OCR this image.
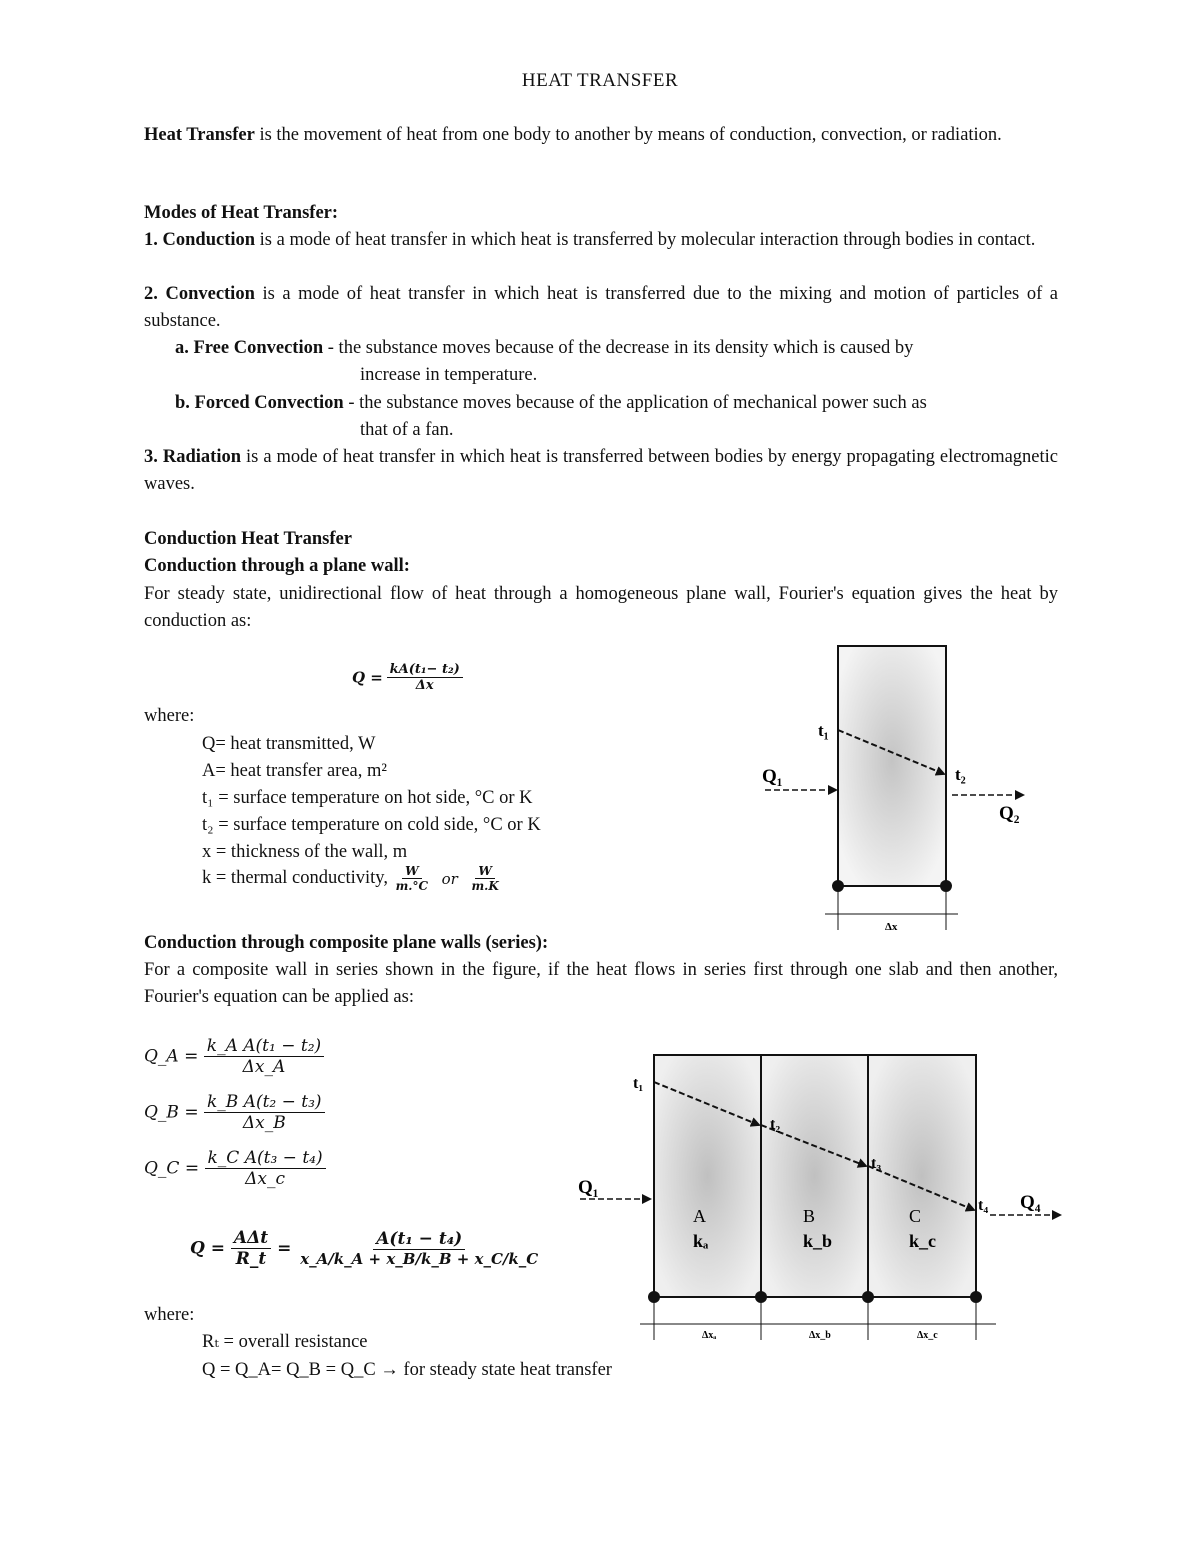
HEAT TRANSFER
Heat Transfer is the movement of heat from one body to another by means of conduction, convection, or radiation.
Modes of Heat Transfer:
1. Conduction is a mode of heat transfer in which heat is transferred by molecular interaction through bodies in contact.
2. Convection is a mode of heat transfer in which heat is transferred due to the mixing and motion of particles of a substance.
a. Free Convection - the substance moves because of the decrease in its density which is caused by
increase in temperature.
b. Forced Convection - the substance moves because of the application of mechanical power such as
that of a fan.
3. Radiation is a mode of heat transfer in which heat is transferred between bodies by energy propagating electromagnetic waves.
Conduction Heat Transfer
Conduction through a plane wall:
For steady state, unidirectional flow of heat through a homogeneous plane wall, Fourier's equation gives the heat by conduction as:
$Q = \frac{\text{kA(t₁− t₂)}}{\Delta x}$
where:
Q= heat transmitted, W
A= heat transfer area, m²
t₁ = surface temperature on hot side, °C or K
t₂ = surface temperature on cold side, °C or K
x = thickness of the wall, m
k = thermal conductivity, $\frac{W}{m.^\circ C}$ or $\frac{W}{m.K}$
t₁
t₂
Q₁
Q₂
Δx
Conduction through composite plane walls (series):
For a composite wall in series shown in the figure, if the heat flows in series first through one slab and then another, Fourier's equation can be applied as:
Q_A = $\frac{\text{k\_A A(t₁ − t₂)}}{\Delta x\_A}$
Q_B = $\frac{\text{k\_B A(t₂ − t₃)}}{\Delta x\_B}$
Q_C = $\frac{\text{k\_C A(t₃ − t₄)}}{\Delta x\_c}$
$Q = \frac{\text{AΔt}}{R\_t} = \frac{\text{A(t₁ − t₄)}}{x\_A/k\_A + x\_B/k\_B + x\_C/k\_C}$
where:
Rₜ = overall resistance
Q = Q_A= Q_B = Q_C → for steady state heat transfer
t₁
t₂
t₃
t₄
Q₁
Q₄
A
kₐ
B
k_b
C
k_c
Δxₐ	Δx_b	Δx_c
